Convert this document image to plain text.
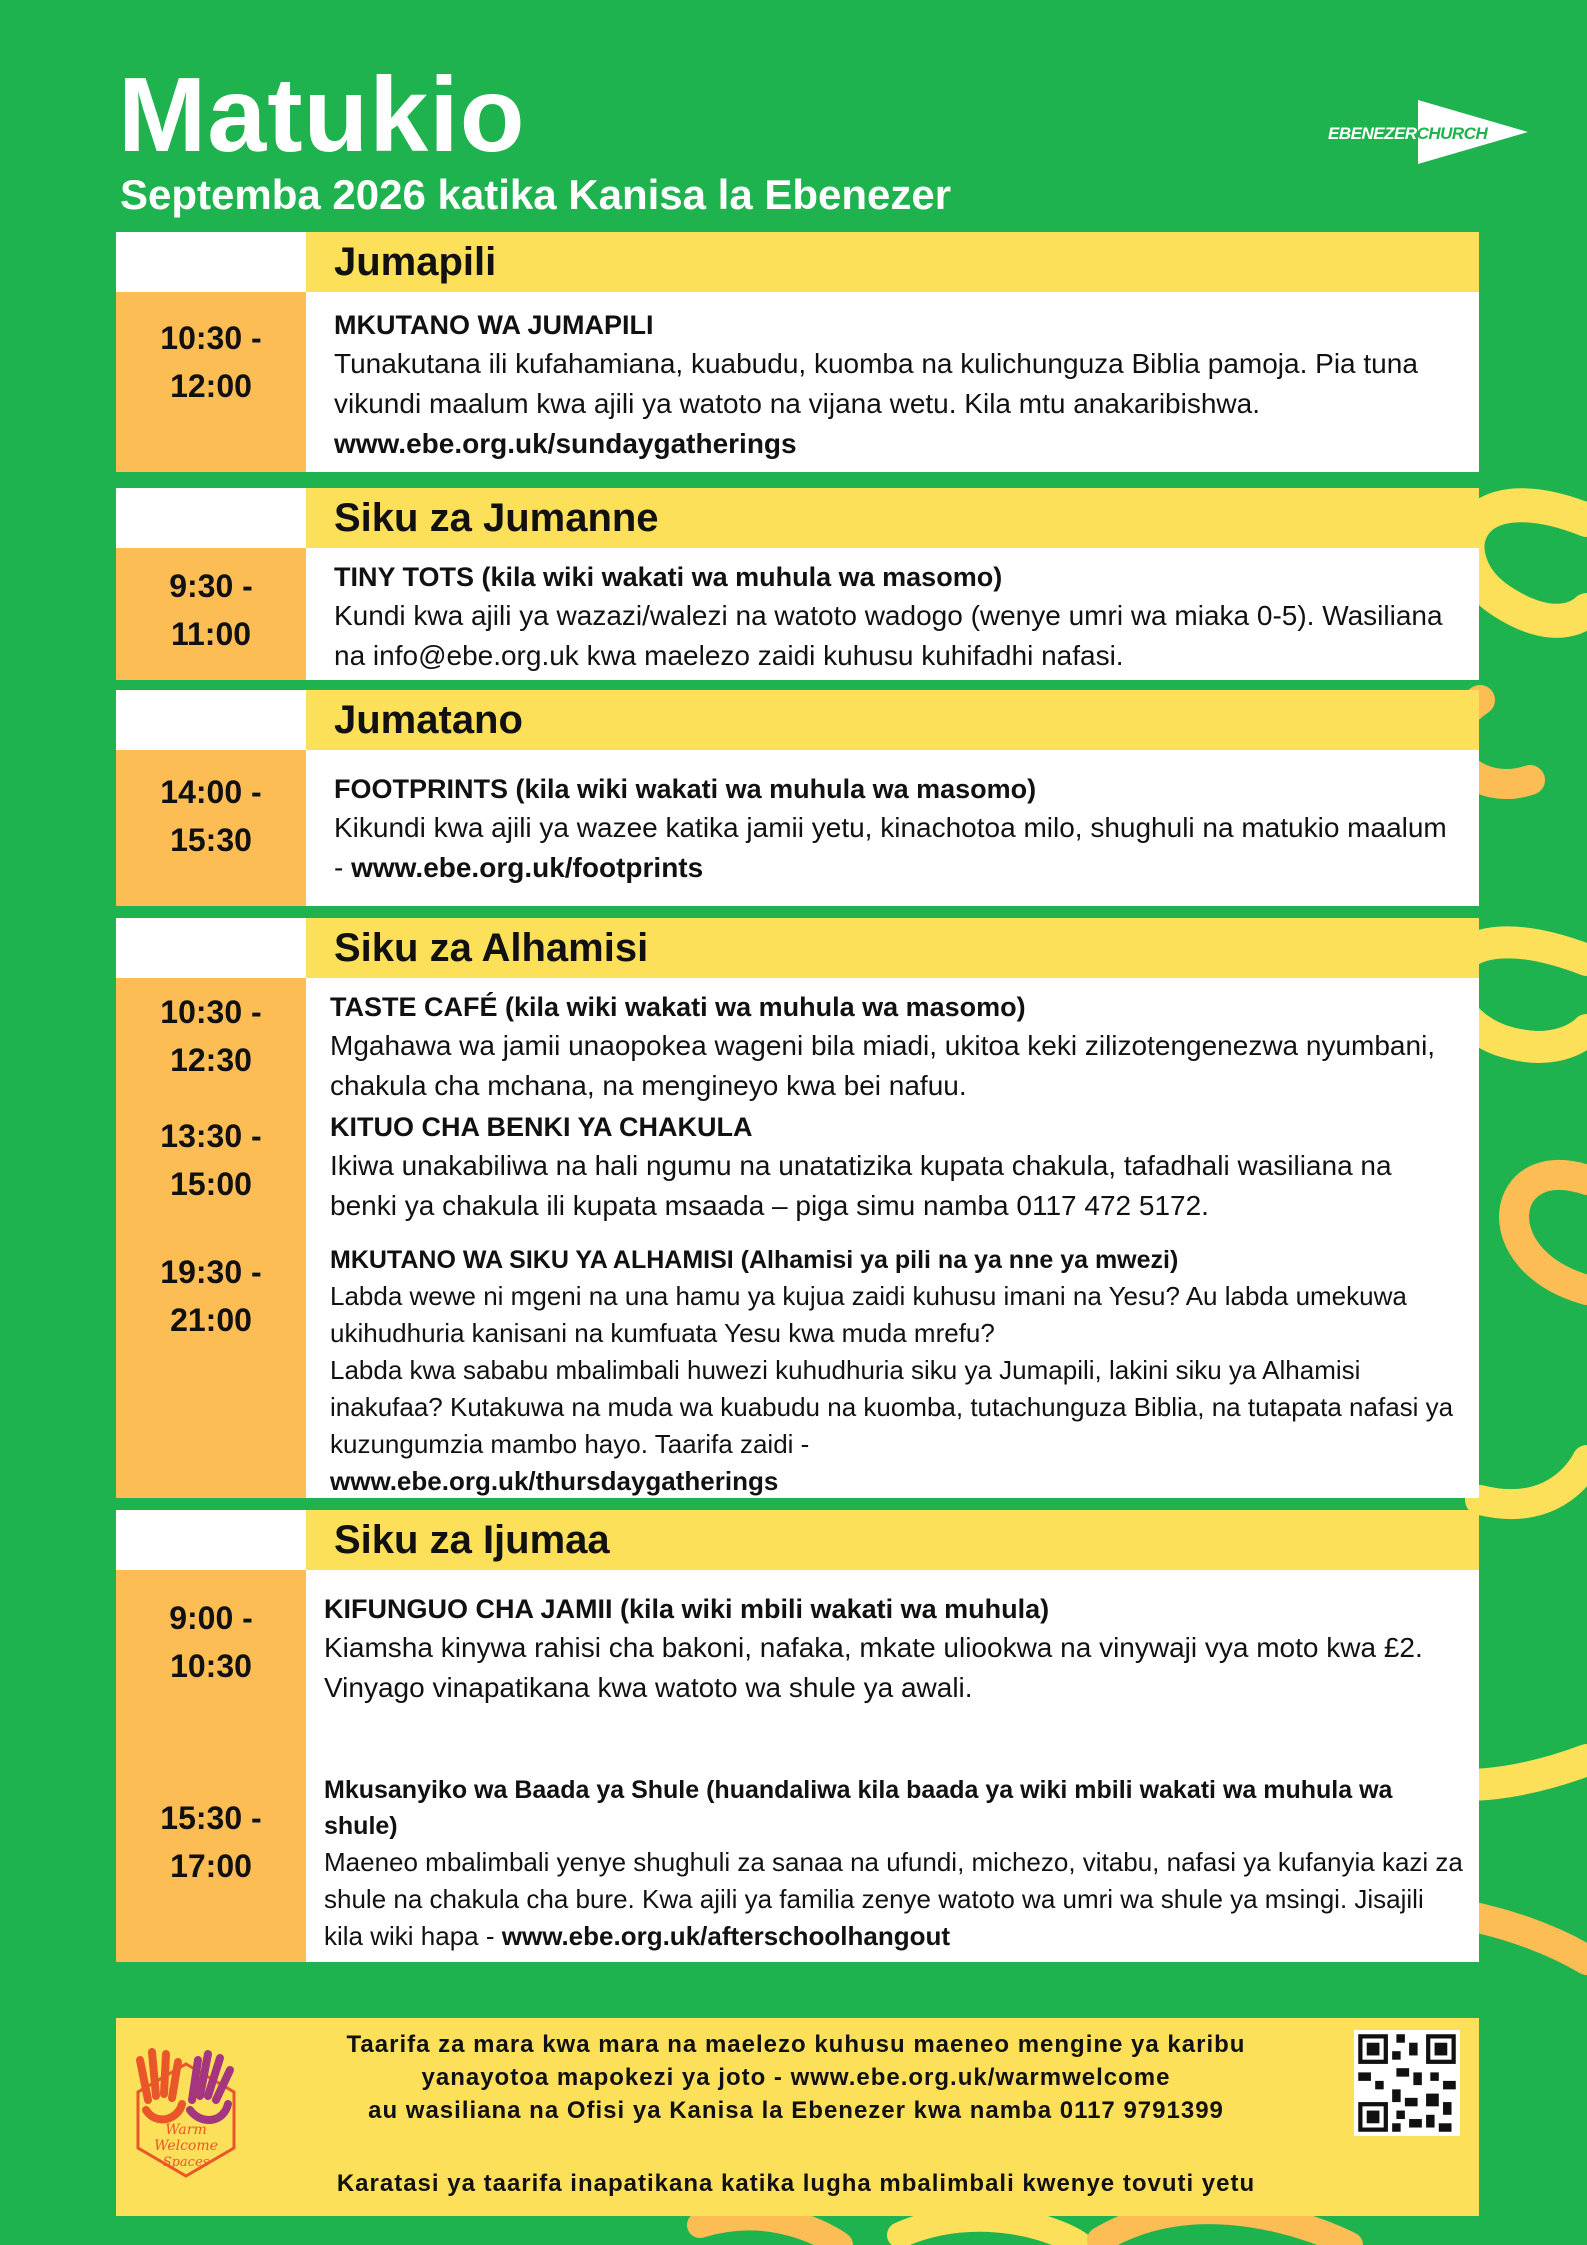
Matukio
Septemba 2026 katika Kanisa la Ebenezer
EBENEZERCHURCH
Jumapili
10:30 -
12:00
MKUTANO WA JUMAPILI
Tunakutana ili kufahamiana, kuabudu, kuomba na kulichunguza Biblia pamoja. Pia tuna vikundi maalum kwa ajili ya watoto na vijana wetu. Kila mtu anakaribishwa. www.ebe.org.uk/sundaygatherings
Siku za Jumanne
9:30 -
11:00
TINY TOTS (kila wiki wakati wa muhula wa masomo)
Kundi kwa ajili ya wazazi/walezi na watoto wadogo (wenye umri wa miaka 0-5). Wasiliana na info@ebe.org.uk kwa maelezo zaidi kuhusu kuhifadhi nafasi.
Jumatano
14:00 -
15:30
FOOTPRINTS (kila wiki wakati wa muhula wa masomo)
Kikundi kwa ajili ya wazee katika jamii yetu, kinachotoa milo, shughuli na matukio maalum - www.ebe.org.uk/footprints
Siku za Alhamisi
10:30 -
12:30
13:30 -
15:00
19:30 -
21:00
TASTE CAFÉ (kila wiki wakati wa muhula wa masomo)
Mgahawa wa jamii unaopokea wageni bila miadi, ukitoa keki zilizotengenezwa nyumbani, chakula cha mchana, na mengineyo kwa bei nafuu.
KITUO CHA BENKI YA CHAKULA
Ikiwa unakabiliwa na hali ngumu na unatatizika kupata chakula, tafadhali wasiliana na benki ya chakula ili kupata msaada – piga simu namba 0117 472 5172.
MKUTANO WA SIKU YA ALHAMISI (Alhamisi ya pili na ya nne ya mwezi)
Labda wewe ni mgeni na una hamu ya kujua zaidi kuhusu imani na Yesu? Au labda umekuwa ukihudhuria kanisani na kumfuata Yesu kwa muda mrefu?
Labda kwa sababu mbalimbali huwezi kuhudhuria siku ya Jumapili, lakini siku ya Alhamisi inakufaa? Kutakuwa na muda wa kuabudu na kuomba, tutachunguza Biblia, na tutapata nafasi ya kuzungumzia mambo hayo. Taarifa zaidi -
www.ebe.org.uk/thursdaygatherings
Siku za Ijumaa
9:00 -
10:30
15:30 -
17:00
KIFUNGUO CHA JAMII (kila wiki mbili wakati wa muhula)
Kiamsha kinywa rahisi cha bakoni, nafaka, mkate uliookwa na vinywaji vya moto kwa £2.
Vinyago vinapatikana kwa watoto wa shule ya awali.
Mkusanyiko wa Baada ya Shule (huandaliwa kila baada ya wiki mbili wakati wa muhula wa shule)
Maeneo mbalimbali yenye shughuli za sanaa na ufundi, michezo, vitabu, nafasi ya kufanyia kazi za shule na chakula cha bure. Kwa ajili ya familia zenye watoto wa umri wa shule ya msingi. Jisajili kila wiki hapa - www.ebe.org.uk/afterschoolhangout
Warm
Welcome
Spaces
Taarifa za mara kwa mara na maelezo kuhusu maeneo mengine ya karibu
yanayotoa mapokezi ya joto - www.ebe.org.uk/warmwelcome
au wasiliana na Ofisi ya Kanisa la Ebenezer kwa namba 0117 9791399
Karatasi ya taarifa inapatikana katika lugha mbalimbali kwenye tovuti yetu
